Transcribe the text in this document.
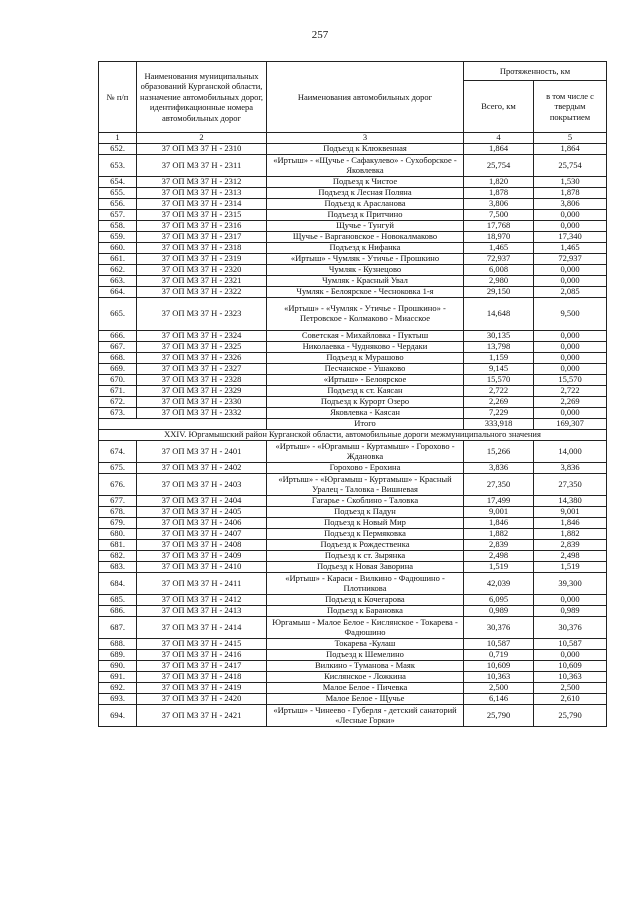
257
№ п/п	Наименования муниципальных образований Курганской области, назначение автомобильных дорог, идентификационные номера автомобильных дорог	Наименования автомобильных дорог	Протяженность, км	
			Всего, км	в том числе с твердым покрытием
1	2	3	4	5
652.	37 ОП МЗ 37 Н - 2310	Подъезд к Клюквенная	1,864	1,864
653.	37 ОП МЗ 37 Н - 2311	«Иртыш» - «Щучье - Сафакулево» - Сухоборское - Яковлевка	25,754	25,754
654.	37 ОП МЗ 37 Н - 2312	Подъезд к Чистое	1,820	1,530
655.	37 ОП МЗ 37 Н - 2313	Подъезд к Лесная Поляна	1,878	1,878
656.	37 ОП МЗ 37 Н - 2314	Подъезд к Арасланова	3,806	3,806
657.	37 ОП МЗ 37 Н - 2315	Подъезд к Притчино	7,500	0,000
658.	37 ОП МЗ 37 Н - 2316	Щучье - Тунгуй	17,768	0,000
659.	37 ОП МЗ 37 Н - 2317	Щучье - Варгановское - Новокалмаково	18,970	17,340
660.	37 ОП МЗ 37 Н - 2318	Подъезд к Нифанка	1,465	1,465
661.	37 ОП МЗ 37 Н - 2319	«Иртыш» - Чумляк - Утичье - Прошкино	72,937	72,937
662.	37 ОП МЗ 37 Н - 2320	Чумляк - Кузнецово	6,008	0,000
663.	37 ОП МЗ 37 Н - 2321	Чумляк - Красный Увал	2,980	0,000
664.	37 ОП МЗ 37 Н - 2322	Чумляк - Белоярское - Чесноковка 1-я	29,150	2,085
665.	37 ОП МЗ 37 Н - 2323	«Иртыш» - «Чумляк - Утичье - Прошкино» - Петровское - Колмаково - Миасское	14,648	9,500
666.	37 ОП МЗ 37 Н - 2324	Советская - Михайловка - Пуктыш	30,135	0,000
667.	37 ОП МЗ 37 Н - 2325	Николаевка - Чудняково - Чердаки	13,798	0,000
668.	37 ОП МЗ 37 Н - 2326	Подъезд к Мурашово	1,159	0,000
669.	37 ОП МЗ 37 Н - 2327	Песчанское - Ушаково	9,145	0,000
670.	37 ОП МЗ 37 Н - 2328	«Иртыш» - Белоярское	15,570	15,570
671.	37 ОП МЗ 37 Н - 2329	Подъезд к ст. Каясан	2,722	2,722
672.	37 ОП МЗ 37 Н - 2330	Подъезд к Курорт Озеро	2,269	2,269
673.	37 ОП МЗ 37 Н - 2332	Яковлевка - Каясан	7,229	0,000
		Итого	333,918	169,307
XXIV. Юргамышский район Курганской области, автомобильные дороги межмуниципального значения				
674.	37 ОП МЗ 37 Н - 2401	«Иртыш» - «Юргамыш - Куртамыш» - Горохово - Ждановка	15,266	14,000
675.	37 ОП МЗ 37 Н - 2402	Горохово - Ерохина	3,836	3,836
676.	37 ОП МЗ 37 Н - 2403	«Иртыш» - «Юргамыш - Куртамыш» - Красный Уралец - Таловка - Вишневая	27,350	27,350
677.	37 ОП МЗ 37 Н - 2404	Гагарье - Скоблино - Таловка	17,499	14,380
678.	37 ОП МЗ 37 Н - 2405	Подъезд к Падун	9,001	9,001
679.	37 ОП МЗ 37 Н - 2406	Подъезд к Новый Мир	1,846	1,846
680.	37 ОП МЗ 37 Н - 2407	Подъезд к Пермяковка	1,882	1,882
681.	37 ОП МЗ 37 Н - 2408	Подъезд к Рождественка	2,839	2,839
682.	37 ОП МЗ 37 Н - 2409	Подъезд к ст. Зырянка	2,498	2,498
683.	37 ОП МЗ 37 Н - 2410	Подъезд к Новая Заворина	1,519	1,519
684.	37 ОП МЗ 37 Н - 2411	«Иртыш» - Караси - Вилкино - Фадюшино - Плотникова	42,039	39,300
685.	37 ОП МЗ 37 Н - 2412	Подъезд к Кочегарова	6,095	0,000
686.	37 ОП МЗ 37 Н - 2413	Подъезд к Барановка	0,989	0,989
687.	37 ОП МЗ 37 Н - 2414	Юргамыш - Малое Белое - Кислянское - Токарева - Фадюшино	30,376	30,376
688.	37 ОП МЗ 37 Н - 2415	Токарева -Кулаш	10,587	10,587
689.	37 ОП МЗ 37 Н - 2416	Подъезд к Шемелино	0,719	0,000
690.	37 ОП МЗ 37 Н - 2417	Вилкино - Туманова - Маяк	10,609	10,609
691.	37 ОП МЗ 37 Н - 2418	Кислянское - Ложкина	10,363	10,363
692.	37 ОП МЗ 37 Н - 2419	Малое Белое - Пичевка	2,500	2,500
693.	37 ОП МЗ 37 Н - 2420	Малое Белое - Щучье	6,146	2,610
694.	37 ОП МЗ 37 Н - 2421	«Иртыш» - Чинеево - Губерля - детский санаторий «Лесные Горки»	25,790	25,790
